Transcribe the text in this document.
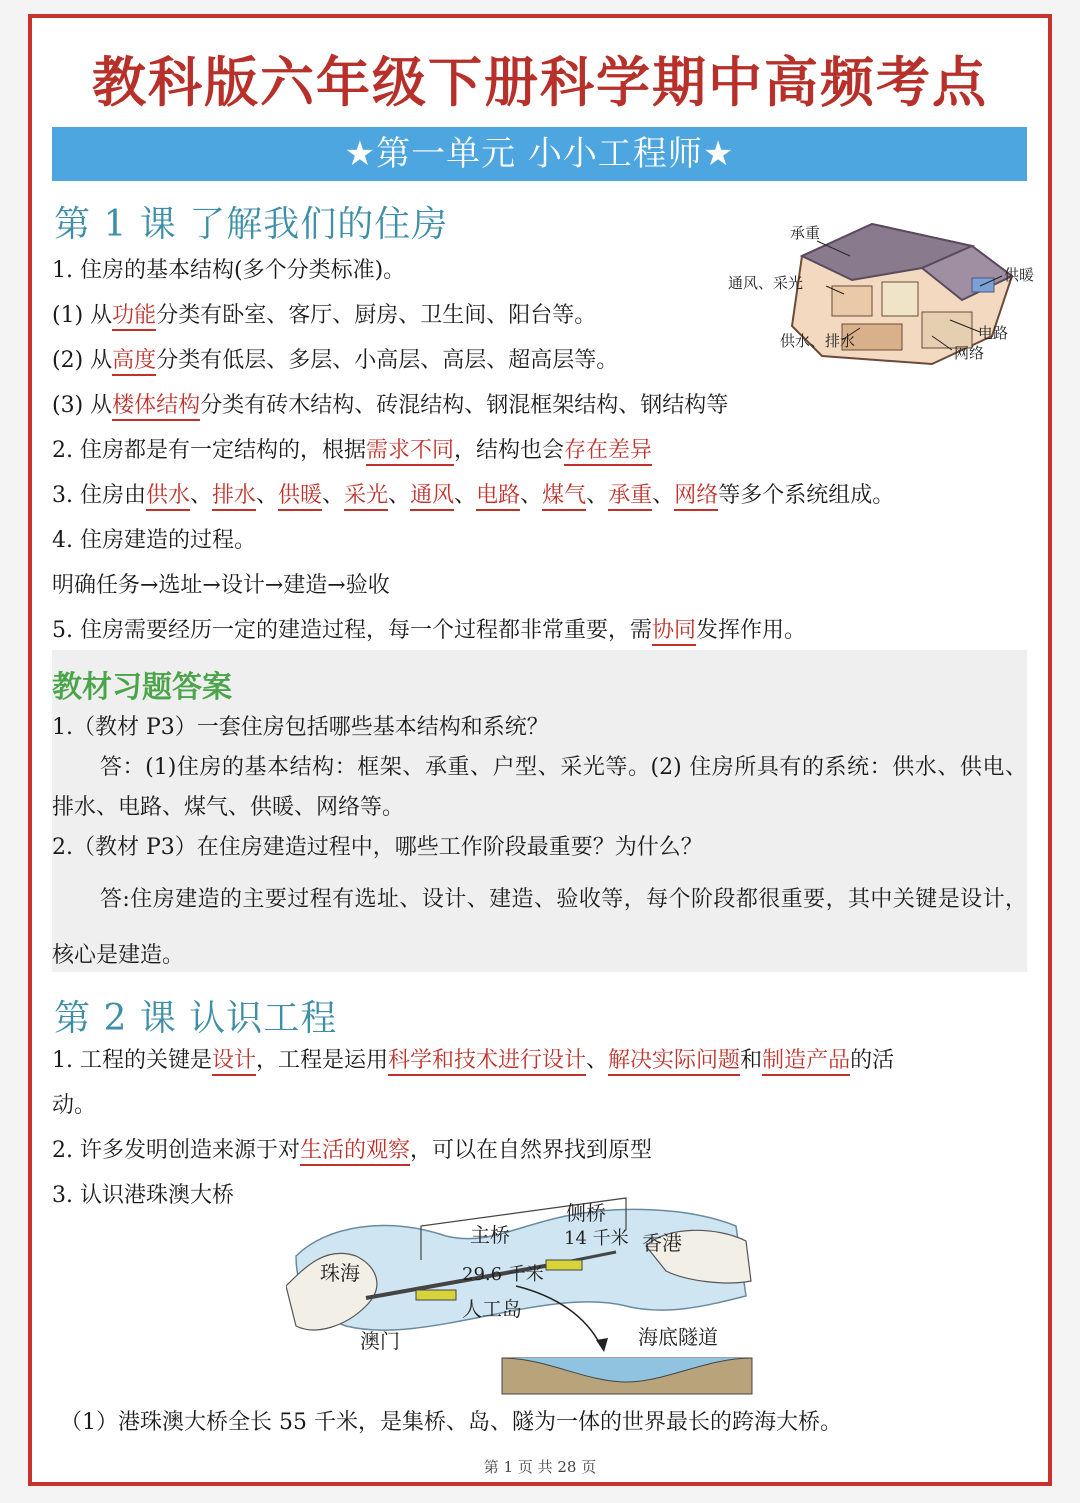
教科版六年级下册科学期中高频考点
★第一单元 小小工程师★
第 1 课 了解我们的住房	承重
通风、采光	供暖
电路
供水、排水
网络
1. 住房的基本结构(多个分类标准)。
(1) 从功能分类有卧室、客厅、厨房、卫生间、阳台等。
(2) 从高度分类有低层、多层、小高层、高层、超高层等。
(3) 从楼体结构分类有砖木结构、砖混结构、钢混框架结构、钢结构等
2. 住房都是有一定结构的，根据需求不同，结构也会存在差异
3. 住房由供水、排水、供暖、采光、通风、电路、煤气、承重、网络等多个系统组成。
4. 住房建造的过程。
明确任务→选址→设计→建造→验收
5. 住房需要经历一定的建造过程，每一个过程都非常重要，需协同发挥作用。
教材习题答案
1.（教材 P3）一套住房包括哪些基本结构和系统？
答：(1)住房的基本结构：框架、承重、户型、采光等。(2) 住房所具有的系统：供水、供电、排水、电路、煤气、供暖、网络等。
2.（教材 P3）在住房建造过程中，哪些工作阶段最重要？为什么？
答:住房建造的主要过程有选址、设计、建造、验收等，每个阶段都很重要，其中关键是设计，核心是建造。
第 2 课 认识工程
1. 工程的关键是设计，工程是运用科学和技术进行设计、解决实际问题和制造产品的活
动。
2. 许多发明创造来源于对生活的观察，可以在自然界找到原型
3. 认识港珠澳大桥
侧桥
主桥
珠海
澳门
香港
人工岛
海底隧道
29.6 千米
14 千米
（1）港珠澳大桥全长 55 千米，是集桥、岛、隧为一体的世界最长的跨海大桥。
第 1 页 共 28 页
